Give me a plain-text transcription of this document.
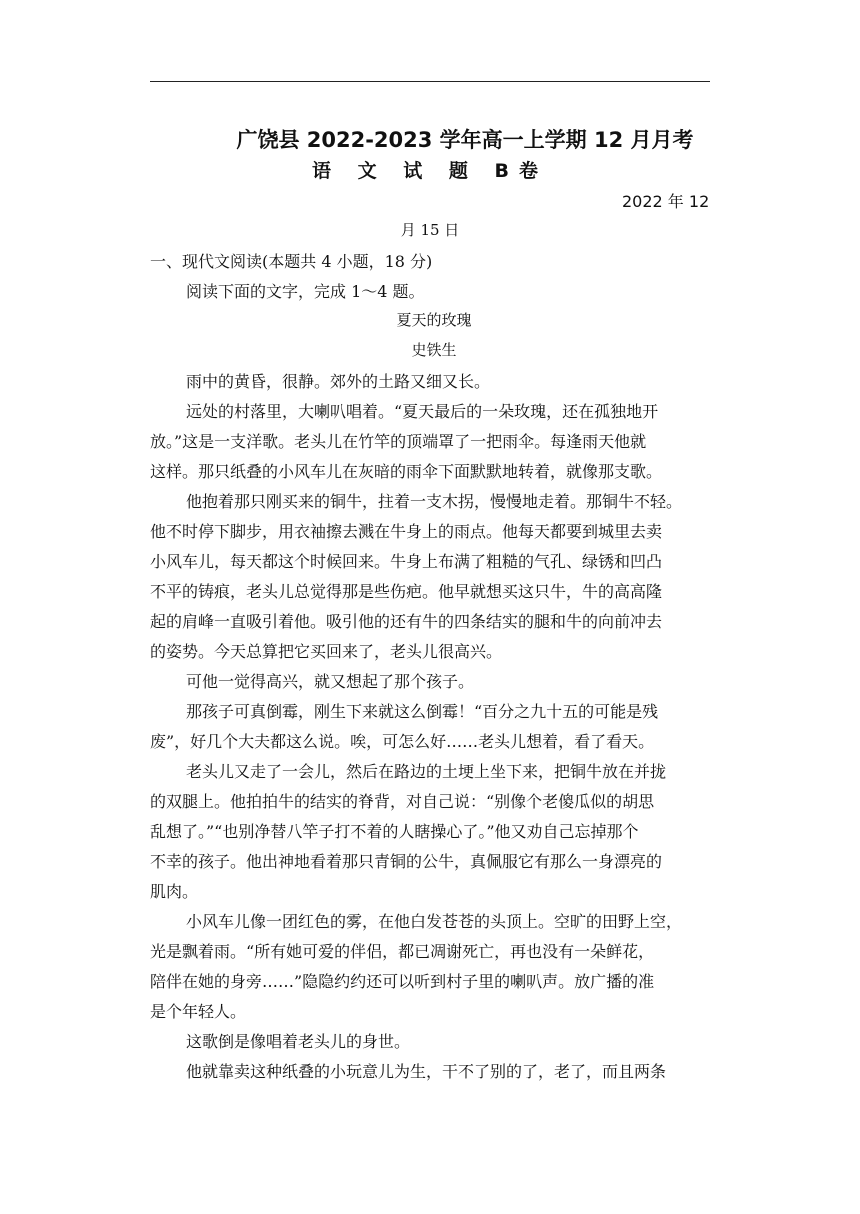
广饶县 2022-2023 学年高一上学期 12 月月考
语 文 试 题 B卷
2022 年 12
月 15 日
一、现代文阅读(本题共 4 小题，18 分)
阅读下面的文字，完成 1～4 题。
夏天的玫瑰
史铁生
雨中的黄昏，很静。郊外的土路又细又长。
远处的村落里，大喇叭唱着。“夏天最后的一朵玫瑰，还在孤独地开
放。”这是一支洋歌。老头儿在竹竿的顶端罩了一把雨伞。每逢雨天他就
这样。那只纸叠的小风车儿在灰暗的雨伞下面默默地转着，就像那支歌。
他抱着那只刚买来的铜牛，拄着一支木拐，慢慢地走着。那铜牛不轻。
他不时停下脚步，用衣袖擦去溅在牛身上的雨点。他每天都要到城里去卖
小风车儿，每天都这个时候回来。牛身上布满了粗糙的气孔、绿锈和凹凸
不平的铸痕，老头儿总觉得那是些伤疤。他早就想买这只牛，牛的高高隆
起的肩峰一直吸引着他。吸引他的还有牛的四条结实的腿和牛的向前冲去
的姿势。今天总算把它买回来了，老头儿很高兴。
可他一觉得高兴，就又想起了那个孩子。
那孩子可真倒霉，刚生下来就这么倒霉！“百分之九十五的可能是残
废”，好几个大夫都这么说。唉，可怎么好……老头儿想着，看了看天。
老头儿又走了一会儿，然后在路边的土埂上坐下来，把铜牛放在并拢
的双腿上。他拍拍牛的结实的脊背，对自己说：“别像个老傻瓜似的胡思
乱想了。”“也别净替八竿子打不着的人瞎操心了。”他又劝自己忘掉那个
不幸的孩子。他出神地看着那只青铜的公牛，真佩服它有那么一身漂亮的
肌肉。
小风车儿像一团红色的雾，在他白发苍苍的头顶上。空旷的田野上空，
光是飘着雨。“所有她可爱的伴侣，都已凋谢死亡，再也没有一朵鲜花，
陪伴在她的身旁……”隐隐约约还可以听到村子里的喇叭声。放广播的准
是个年轻人。
这歌倒是像唱着老头儿的身世。
他就靠卖这种纸叠的小玩意儿为生，干不了别的了，老了，而且两条
